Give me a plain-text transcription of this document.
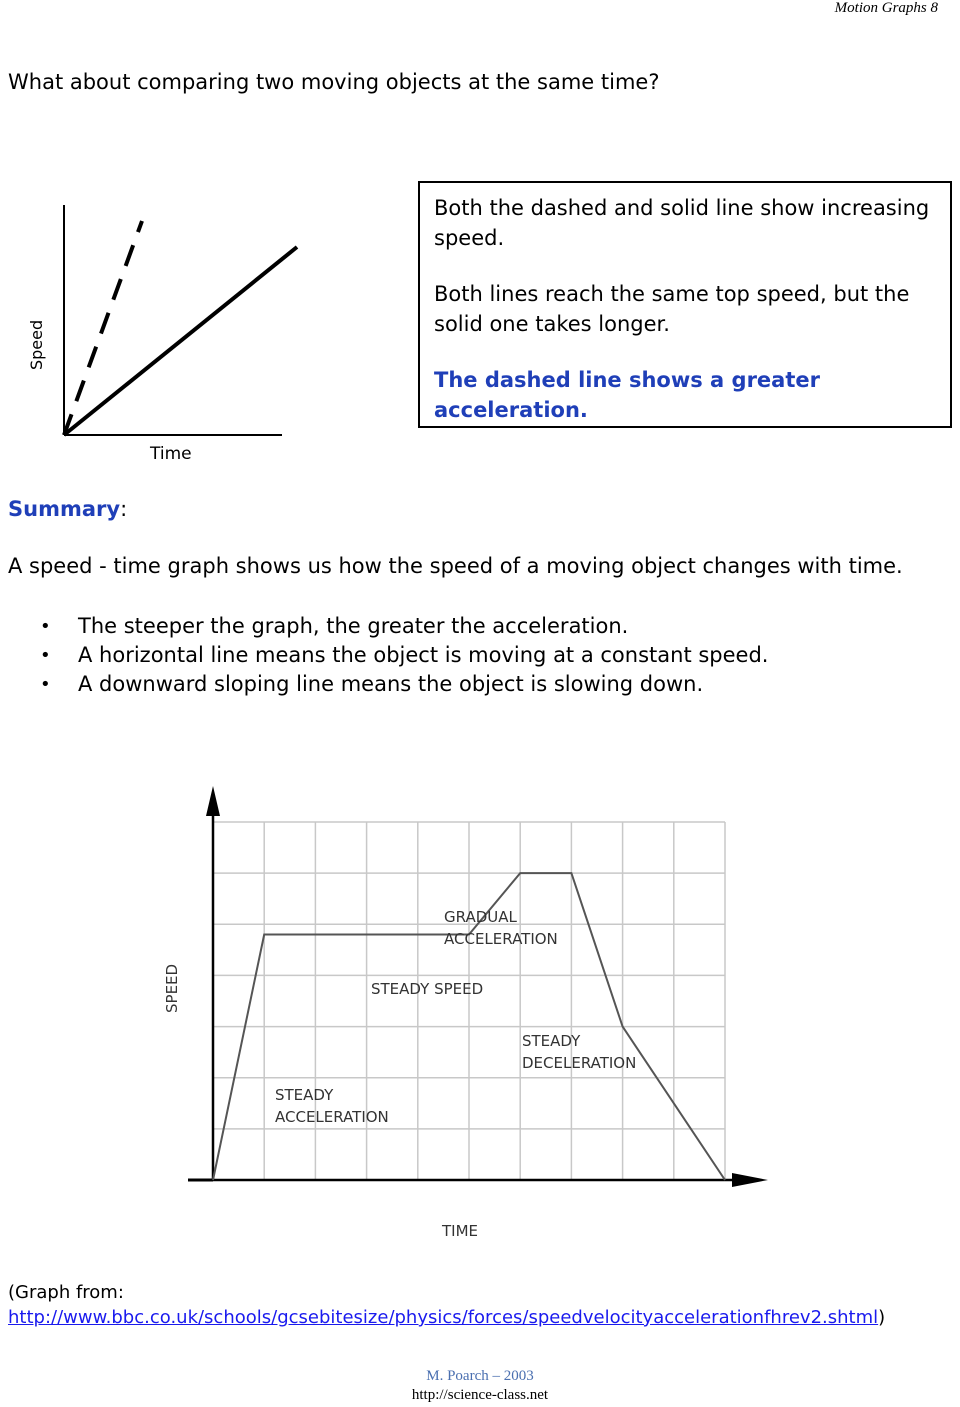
Motion Graphs 8
What about comparing two moving objects at the same time?
Speed
Time

Both the dashed and solid line show increasing speed.

Both lines reach the same top speed, but the solid one takes longer.

The dashed line shows a greater acceleration.

Summary:
A speed - time graph shows us how the speed of a moving object changes with time.
• The steeper the graph, the greater the acceleration.
• A horizontal line means the object is moving at a constant speed.
• A downward sloping line means the object is slowing down.
GRADUAL
ACCELERATION
STEADY SPEED
STEADY
DECELERATION
STEADY
ACCELERATION
SPEED
TIME
(Graph from:
http://www.bbc.co.uk/schools/gcsebitesize/physics/forces/speedvelocityaccelerationfhrev2.shtml)
M. Poarch – 2003
http://science-class.net
